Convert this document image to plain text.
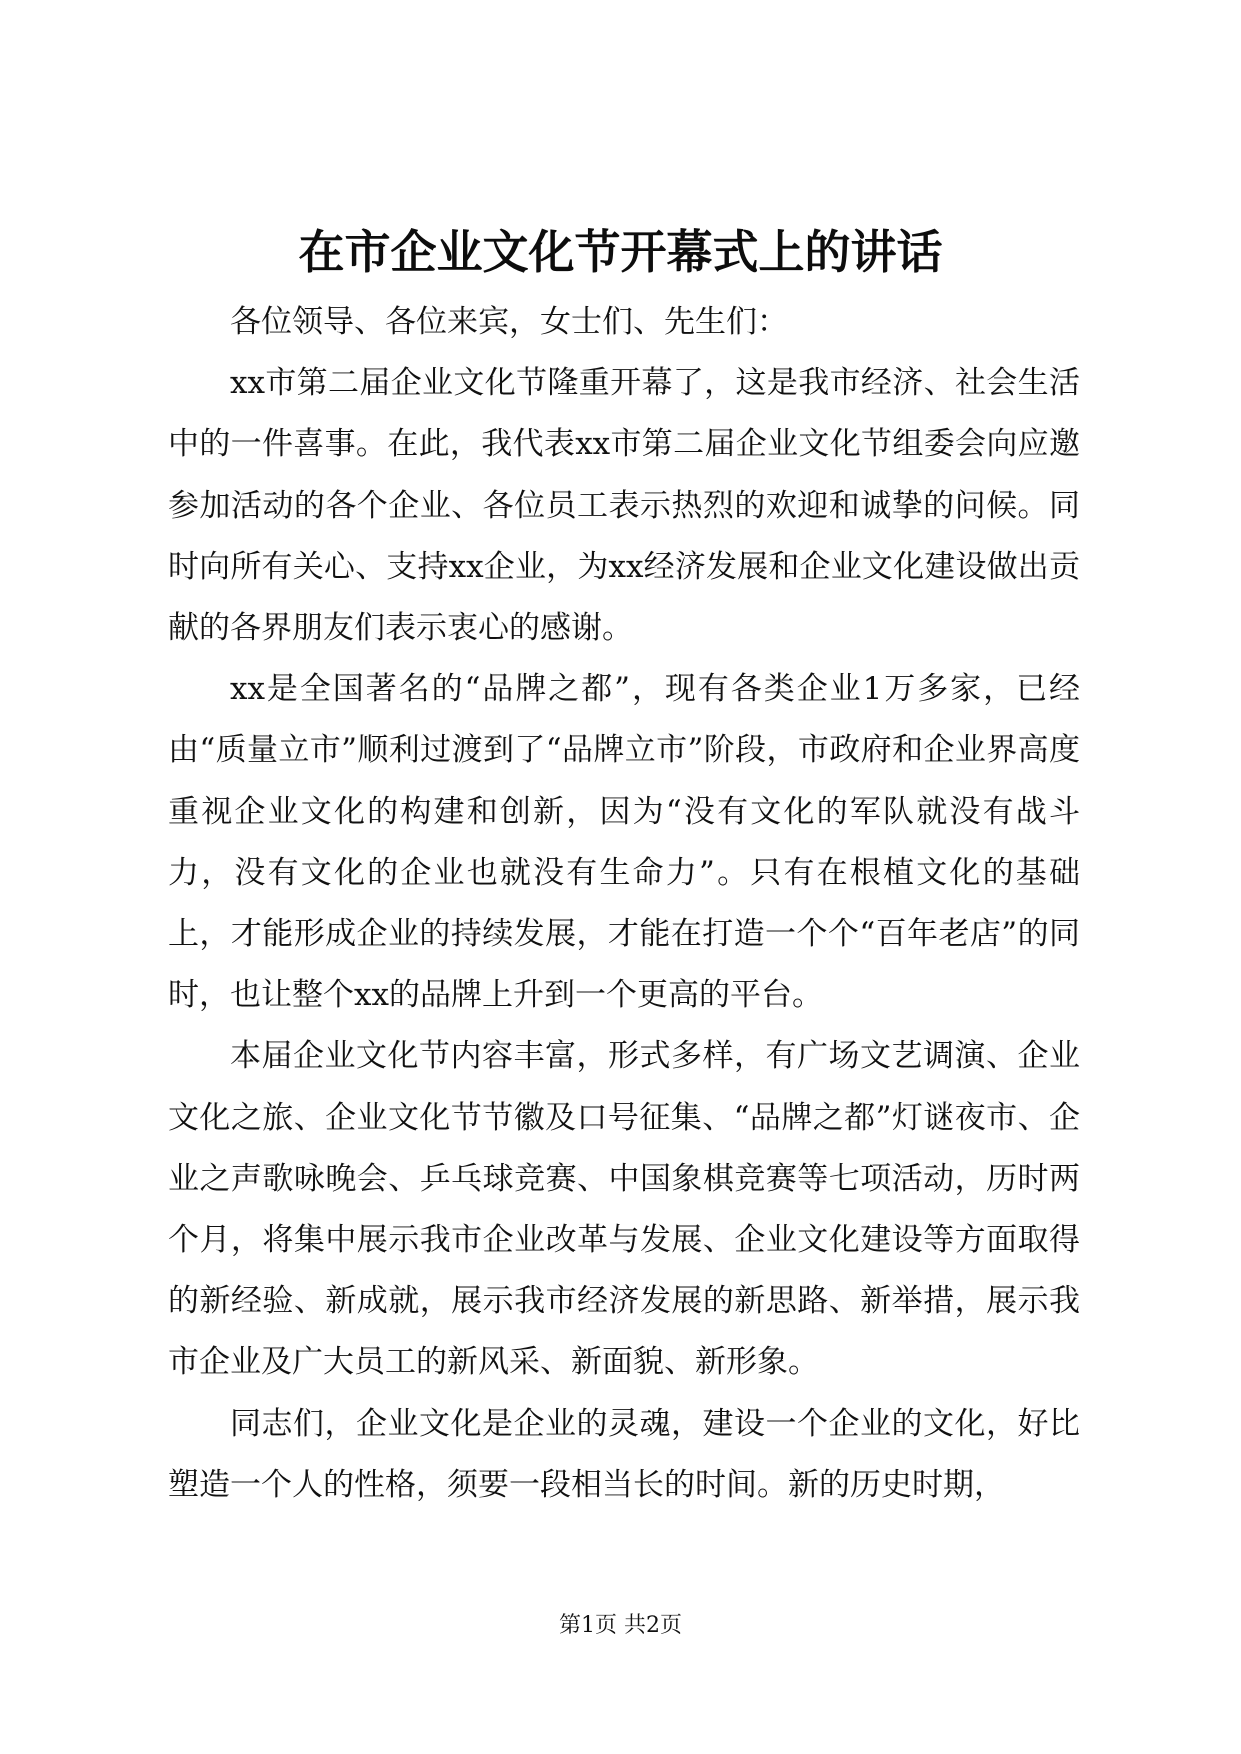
在市企业文化节开幕式上的讲话

各位领导、各位来宾，女士们、先生们：

xx市第二届企业文化节隆重开幕了，这是我市经济、社会生活中的一件喜事。在此，我代表xx市第二届企业文化节组委会向应邀参加活动的各个企业、各位员工表示热烈的欢迎和诚挚的问候。同时向所有关心、支持xx企业，为xx经济发展和企业文化建设做出贡献的各界朋友们表示衷心的感谢。

xx是全国著名的“品牌之都”，现有各类企业1万多家，已经由“质量立市”顺利过渡到了“品牌立市”阶段，市政府和企业界高度重视企业文化的构建和创新，因为“没有文化的军队就没有战斗力，没有文化的企业也就没有生命力”。只有在根植文化的基础上，才能形成企业的持续发展，才能在打造一个个“百年老店”的同时，也让整个xx的品牌上升到一个更高的平台。

本届企业文化节内容丰富，形式多样，有广场文艺调演、企业文化之旅、企业文化节节徽及口号征集、“品牌之都”灯谜夜市、企业之声歌咏晚会、乒乓球竞赛、中国象棋竞赛等七项活动，历时两个月，将集中展示我市企业改革与发展、企业文化建设等方面取得的新经验、新成就，展示我市经济发展的新思路、新举措，展示我市企业及广大员工的新风采、新面貌、新形象。

同志们，企业文化是企业的灵魂，建设一个企业的文化，好比塑造一个人的性格，须要一段相当长的时间。新的历史时期，

第1页 共2页
